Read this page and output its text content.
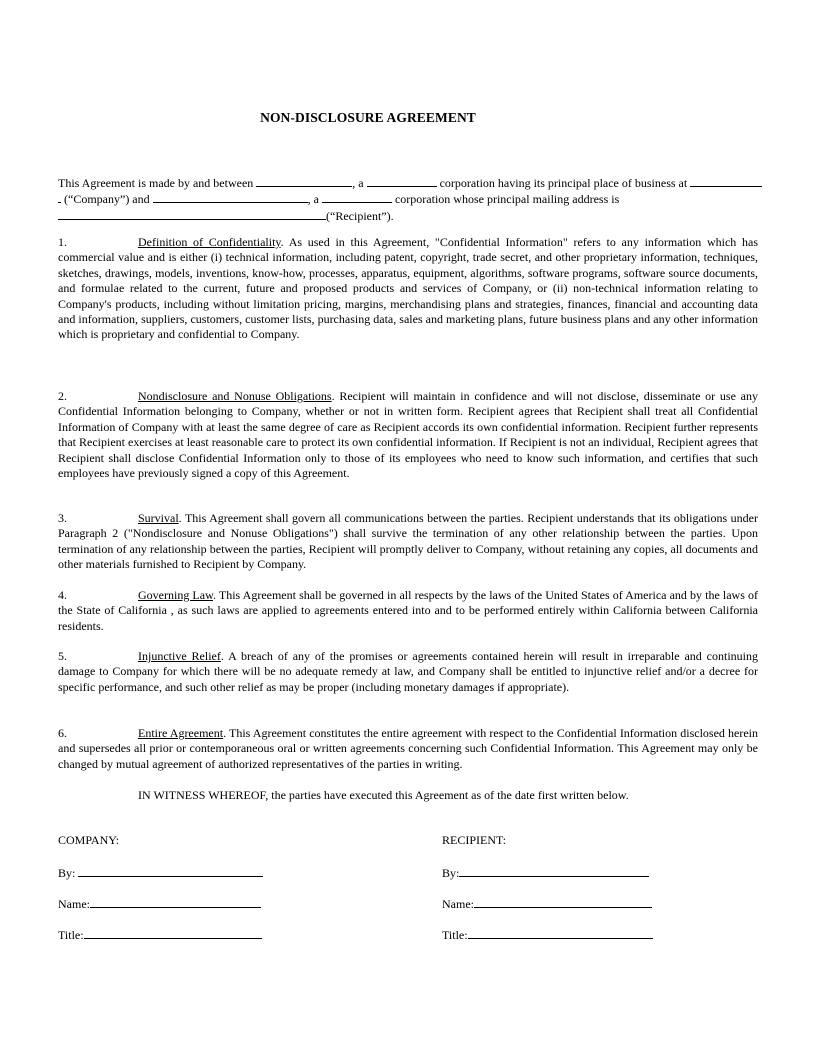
NON-DISCLOSURE AGREEMENT
This Agreement is made by and between	, a	corporation having its principal place of business at
(“Company”) and	, a	corporation whose principal mailing address is
(“Recipient”).

1.	Definition of Confidentiality. As used in this Agreement, "Confidential Information" refers to any information which has commercial value and is either (i) technical information, including patent, copyright, trade secret, and other proprietary information, techniques, sketches, drawings, models, inventions, know-how, processes, apparatus, equipment, algorithms, software programs, software source documents, and formulae related to the current, future and proposed products and services of Company, or (ii) non-technical information relating to Company's products, including without limitation pricing, margins, merchandising plans and strategies, finances, financial and accounting data and information, suppliers, customers, customer lists, purchasing data, sales and marketing plans, future business plans and any other information which is proprietary and confidential to Company.

2.	Nondisclosure and Nonuse Obligations. Recipient will maintain in confidence and will not disclose, disseminate or use any Confidential Information belonging to Company, whether or not in written form. Recipient agrees that Recipient shall treat all Confidential Information of Company with at least the same degree of care as Recipient accords its own confidential information. Recipient further represents that Recipient exercises at least reasonable care to protect its own confidential information. If Recipient is not an individual, Recipient agrees that Recipient shall disclose Confidential Information only to those of its employees who need to know such information, and certifies that such employees have previously signed a copy of this Agreement.

3.	Survival. This Agreement shall govern all communications between the parties. Recipient understands that its obligations under Paragraph 2 ("Nondisclosure and Nonuse Obligations") shall survive the termination of any other relationship between the parties. Upon termination of any relationship between the parties, Recipient will promptly deliver to Company, without retaining any copies, all documents and other materials furnished to Recipient by Company.

4.	Governing Law. This Agreement shall be governed in all respects by the laws of the United States of America and by the laws of the State of California , as such laws are applied to agreements entered into and to be performed entirely within California between California residents.

5.	Injunctive Relief. A breach of any of the promises or agreements contained herein will result in irreparable and continuing damage to Company for which there will be no adequate remedy at law, and Company shall be entitled to injunctive relief and/or a decree for specific performance, and such other relief as may be proper (including monetary damages if appropriate).

6.	Entire Agreement. This Agreement constitutes the entire agreement with respect to the Confidential Information disclosed herein and supersedes all prior or contemporaneous oral or written agreements concerning such Confidential Information. This Agreement may only be changed by mutual agreement of authorized representatives of the parties in writing.

IN WITNESS WHEREOF, the parties have executed this Agreement as of the date first written below.
COMPANY:
By:
Name:
Title:
RECIPIENT:
By:
Name:
Title:
